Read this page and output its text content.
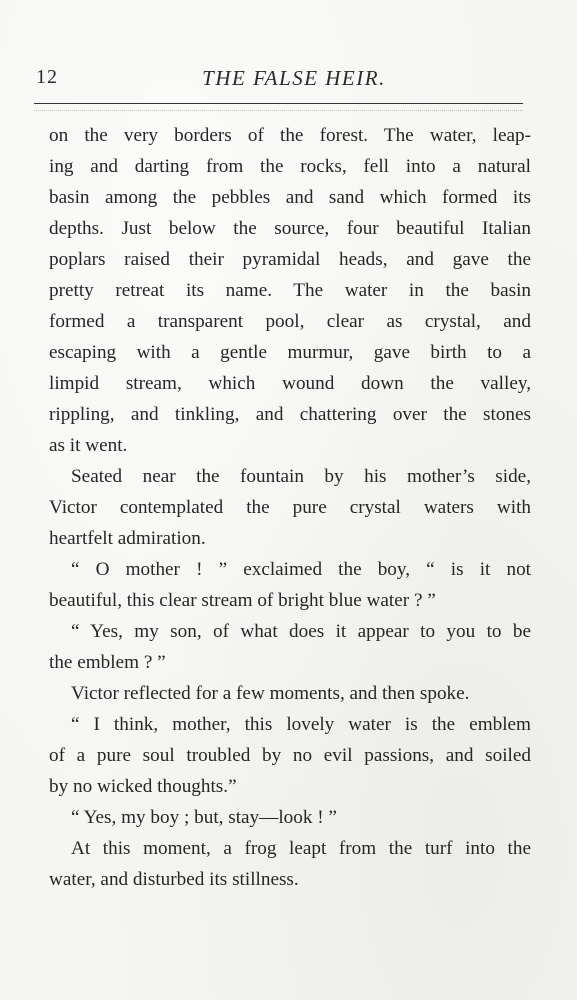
12	THE FALSE HEIR.
on the very borders of the forest. The water, leap-
ing and darting from the rocks, fell into a natural
basin among the pebbles and sand which formed its
depths. Just below the source, four beautiful Italian
poplars raised their pyramidal heads, and gave the
pretty retreat its name. The water in the basin
formed a transparent pool, clear as crystal, and
escaping with a gentle murmur, gave birth to a
limpid stream, which wound down the valley,
rippling, and tinkling, and chattering over the stones
as it went.
Seated near the fountain by his mother’s side,
Victor contemplated the pure crystal waters with
heartfelt admiration.
“ O mother ! ” exclaimed the boy, “ is it not
beautiful, this clear stream of bright blue water ? ”
“ Yes, my son, of what does it appear to you to be
the emblem ? ”
Victor reflected for a few moments, and then spoke.
“ I think, mother, this lovely water is the emblem
of a pure soul troubled by no evil passions, and soiled
by no wicked thoughts.”
“ Yes, my boy ; but, stay—look ! ”
At this moment, a frog leapt from the turf into the
water, and disturbed its stillness.
